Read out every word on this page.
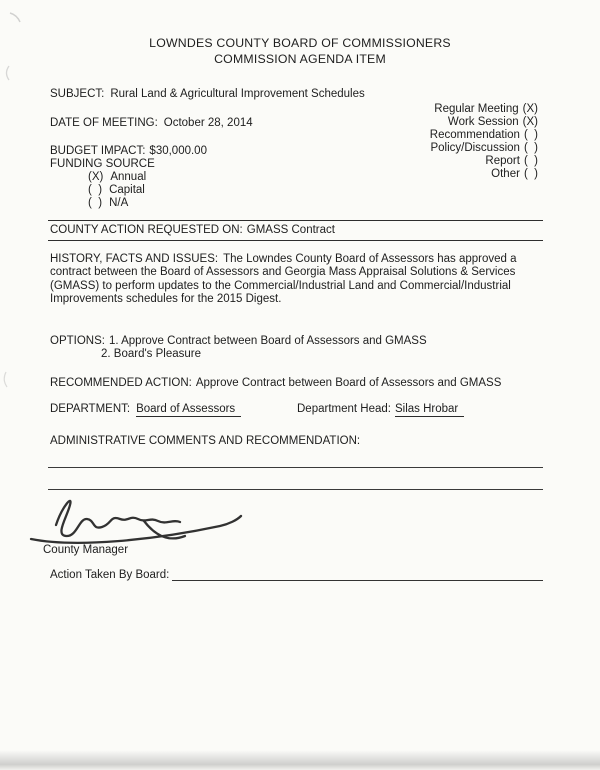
LOWNDES COUNTY BOARD OF COMMISSIONERS
COMMISSION AGENDA ITEM
SUBJECT: Rural Land & Agricultural Improvement Schedules
Regular Meeting (X)
Work Session (X)
Recommendation (  )
Policy/Discussion (  )
Report (  )
Other (  )
DATE OF MEETING: October 28, 2014
BUDGET IMPACT: $30,000.00
FUNDING SOURCE
(X) Annual
(  ) Capital
(  ) N/A
COUNTY ACTION REQUESTED ON: GMASS Contract

HISTORY, FACTS AND ISSUES: The Lowndes County Board of Assessors has approved a contract between the Board of Assessors and Georgia Mass Appraisal Solutions & Services (GMASS) to perform updates to the Commercial/Industrial Land and Commercial/Industrial Improvements schedules for the 2015 Digest.

OPTIONS: 1. Approve Contract between Board of Assessors and GMASS
2. Board's Pleasure
RECOMMENDED ACTION: Approve Contract between Board of Assessors and GMASS
DEPARTMENT: Board of Assessors	Department Head: Silas Hrobar
ADMINISTRATIVE COMMENTS AND RECOMMENDATION:
County Manager
Action Taken By Board:
